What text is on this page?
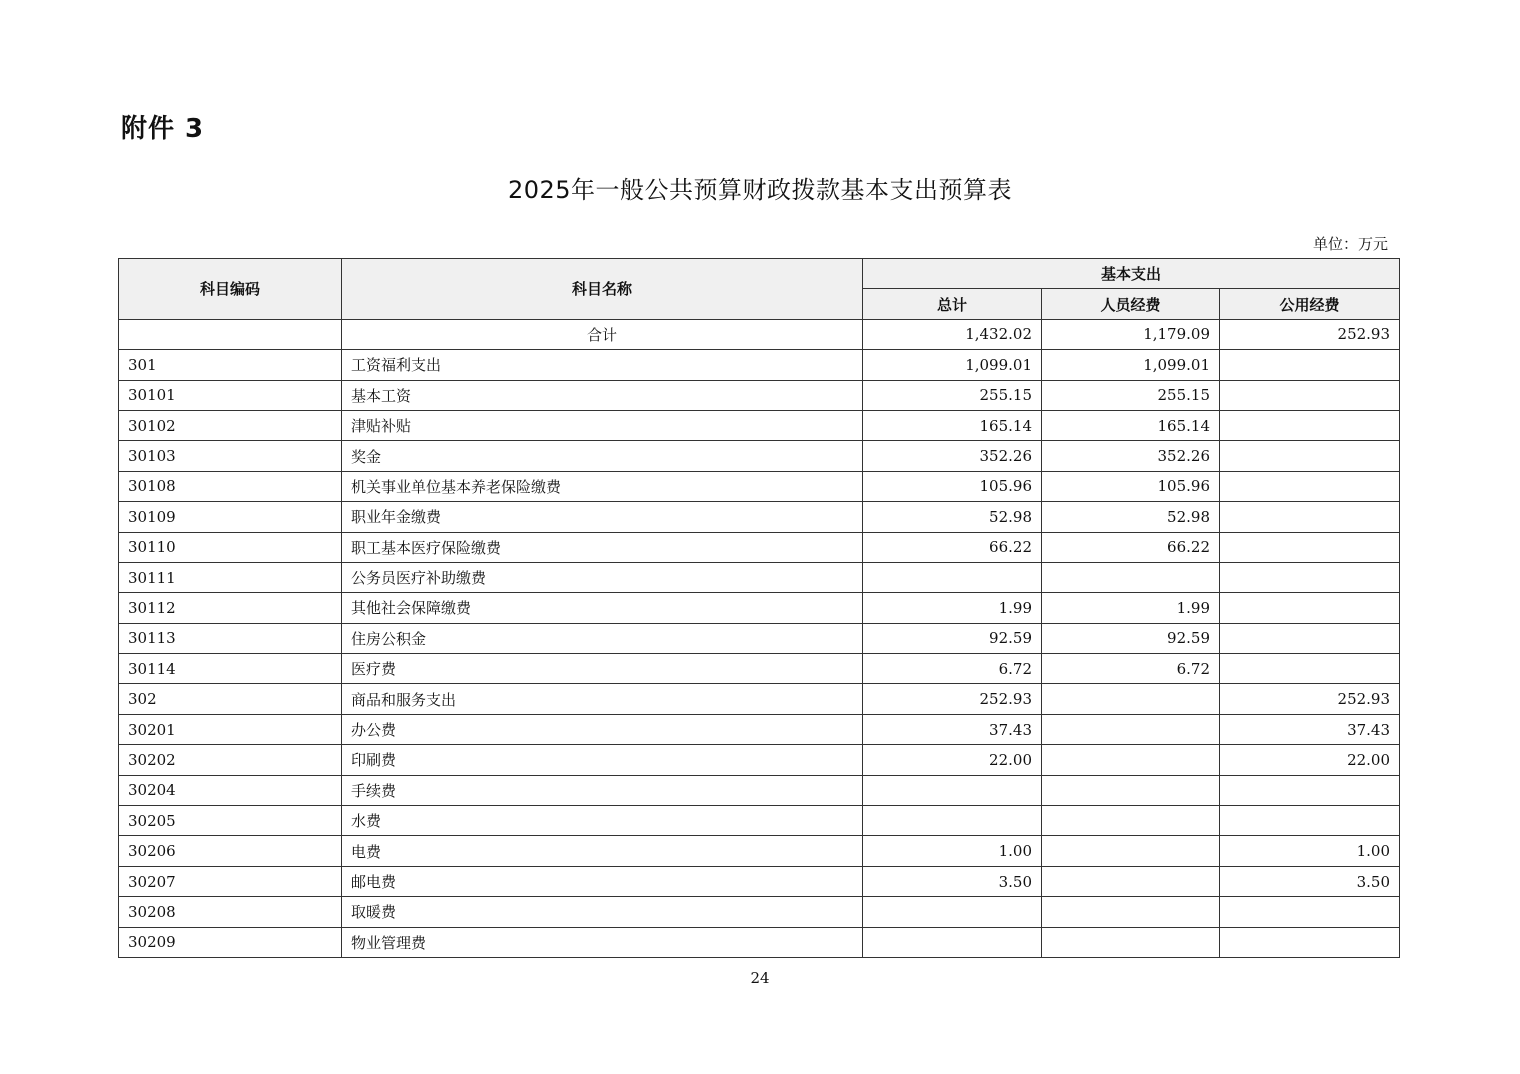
附件 3
2025年一般公共预算财政拨款基本支出预算表
单位：万元
科目编码	科目名称	基本支出		
		总计	人员经费	公用经费
	合计	1,432.02	1,179.09	252.93
301	工资福利支出	1,099.01	1,099.01	
30101	基本工资	255.15	255.15	
30102	津贴补贴	165.14	165.14	
30103	奖金	352.26	352.26	
30108	机关事业单位基本养老保险缴费	105.96	105.96	
30109	职业年金缴费	52.98	52.98	
30110	职工基本医疗保险缴费	66.22	66.22	
30111	公务员医疗补助缴费			
30112	其他社会保障缴费	1.99	1.99	
30113	住房公积金	92.59	92.59	
30114	医疗费	6.72	6.72	
302	商品和服务支出	252.93		252.93
30201	办公费	37.43		37.43
30202	印刷费	22.00		22.00
30204	手续费			
30205	水费			
30206	电费	1.00		1.00
30207	邮电费	3.50		3.50
30208	取暖费			
30209	物业管理费			
24
